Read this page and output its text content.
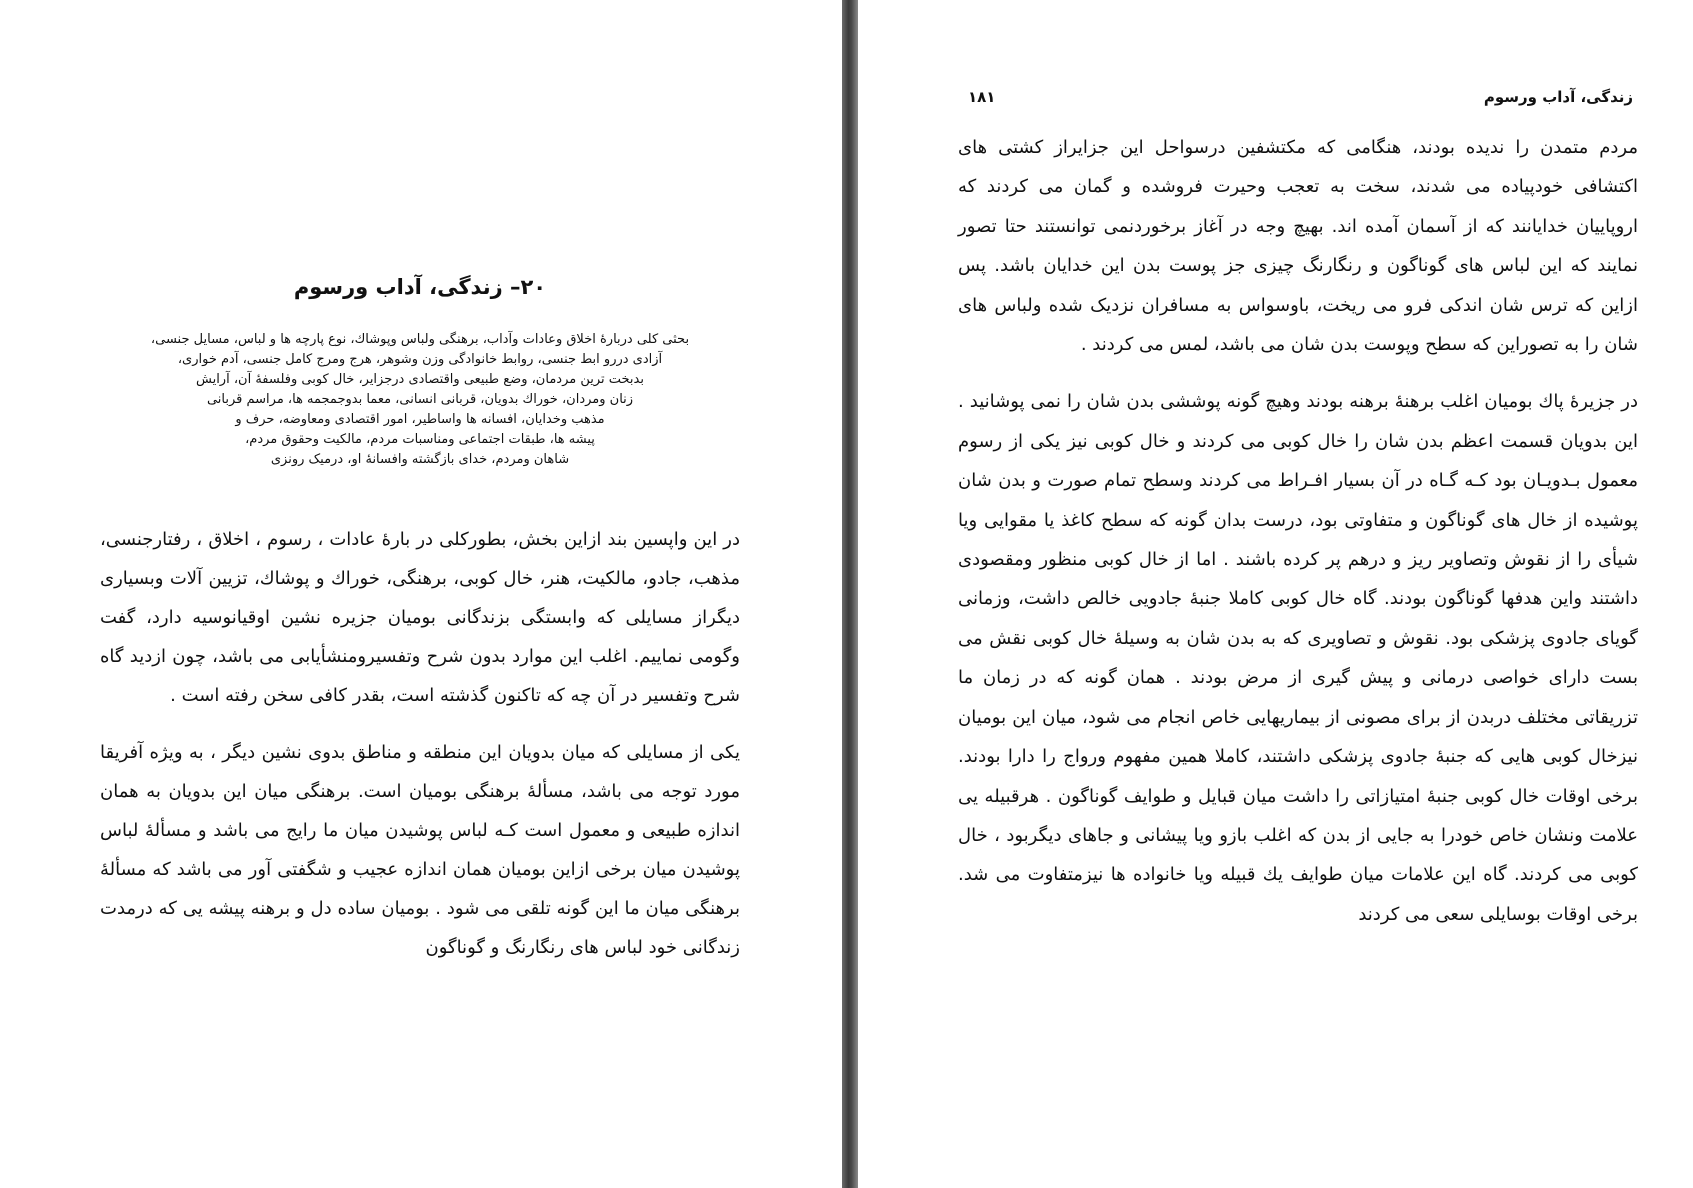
۲۰– زندگی، آداب ورسوم
بحثی کلی دربارۀ اخلاق وعادات وآداب، برهنگی ولباس وپوشاك، نوع پارچه ها و لباس، مسایل جنسی،
آزادی دررو ابط جنسی، روابط خانوادگی وزن وشوهر، هرج ومرج کامل جنسی، آدم خواری،
بدبخت ترین مردمان، وضع طبیعی واقتصادی درجزایر، خال کوبی وفلسفۀ آن، آرایش
زنان ومردان، خوراك بدویان، قربانی انسانی، معما بدوجمجمه ها، مراسم قربانی
مذهب وخدایان، افسانه ها واساطیر، امور اقتصادی ومعاوضه، حرف و
پیشه ها، طبقات اجتماعی ومناسبات مردم، مالکیت وحقوق مردم،
شاهان ومردم، خدای بازگشته وافسانۀ او، درمیک رونزی

در این واپسین بند ازاین بخش، بطورکلی در بارۀ عادات ، رسوم ، اخلاق ، رفتارجنسی، مذهب، جادو، مالکیت، هنر، خال کوبی، برهنگی، خوراك و پوشاك، تزیین آلات وبسیاری دیگراز مسایلی که وابستگی بزندگانی بومیان جزیره نشین اوقیانوسیه دارد، گفت وگومی نماییم. اغلب این موارد بدون شرح وتفسیرومنشأیابی می باشد، چون ازدید گاه شرح وتفسیر در آن چه که تاکنون گذشته است، بقدر کافی سخن رفته است .

یکی از مسایلی که میان بدویان این منطقه و مناطق بدوی نشین دیگر ، به ویژه آفریقا مورد توجه می باشد، مسألۀ برهنگی بومیان است. برهنگی میان این بدویان به همان اندازه طبیعی و معمول است کـه لباس پوشیدن میان ما رایج می باشد و مسألۀ لباس پوشیدن میان برخی ازاین بومیان همان اندازه عجیب و شگفتی آور می باشد که مسألۀ برهنگی میان ما این گونه تلقی می شود . بومیان ساده دل و برهنه پیشه یی که درمدت زندگانی خود لباس های رنگارنگ و گوناگون

زندگی، آداب ورسوم
۱۸۱

مردم متمدن را ندیده بودند، هنگامی که مکتشفین درسواحل این جزایراز کشتی های اکتشافی خودپیاده می شدند، سخت به تعجب وحیرت فروشده و گمان می کردند که اروپاییان خدایانند که از آسمان آمده اند. بهیچ وجه در آغاز برخوردنمی توانستند حتا تصور نمایند که این لباس های گوناگون و رنگارنگ چیزی جز پوست بدن این خدایان باشد. پس ازاین که ترس شان اندکی فرو می ریخت، باوسواس به مسافران نزدیک شده ولباس های شان را به تصوراین که سطح وپوست بدن شان می باشد، لمس می کردند .

در جزیرۀ پاك بومیان اغلب برهنۀ برهنه بودند وهیچ گونه پوششی بدن شان را نمی پوشانید . این بدویان قسمت اعظم بدن شان را خال کوبی می کردند و خال کوبی نیز یکی از رسوم معمول بـدویـان بود کـه گـاه در آن بسیار افـراط می کردند وسطح تمام صورت و بدن شان پوشیده از خال های گوناگون و متفاوتی بود، درست بدان گونه که سطح کاغذ یا مقوایی ویا شیأی را از نقوش وتصاویر ریز و درهم پر کرده باشند . اما از خال کوبی منظور ومقصودی داشتند واین هدفها گوناگون بودند. گاه خال کوبی کاملا جنبۀ جادویی خالص داشت، وزمانی گویای جادوی پزشکی بود. نقوش و تصاویری که به بدن شان به وسیلۀ خال کوبی نقش می بست دارای خواصی درمانی و پیش گیری از مرض بودند . همان گونه که در زمان ما تزریقاتی مختلف دربدن از برای مصونی از بیماریهایی خاص انجام می شود، میان این بومیان نیزخال کوبی هایی که جنبۀ جادوی پزشکی داشتند، کاملا همین مفهوم ورواج را دارا بودند. برخی اوقات خال کوبی جنبۀ امتیازاتی را داشت میان قبایل و طوایف گوناگون . هرقبیله یی علامت ونشان خاص خودرا به جایی از بدن که اغلب بازو ویا پیشانی و جاهای دیگربود ، خال کوبی می کردند. گاه این علامات میان طوایف یك قبیله ویا خانواده ها نیزمتفاوت می شد. برخی اوقات بوسایلی سعی می کردند
